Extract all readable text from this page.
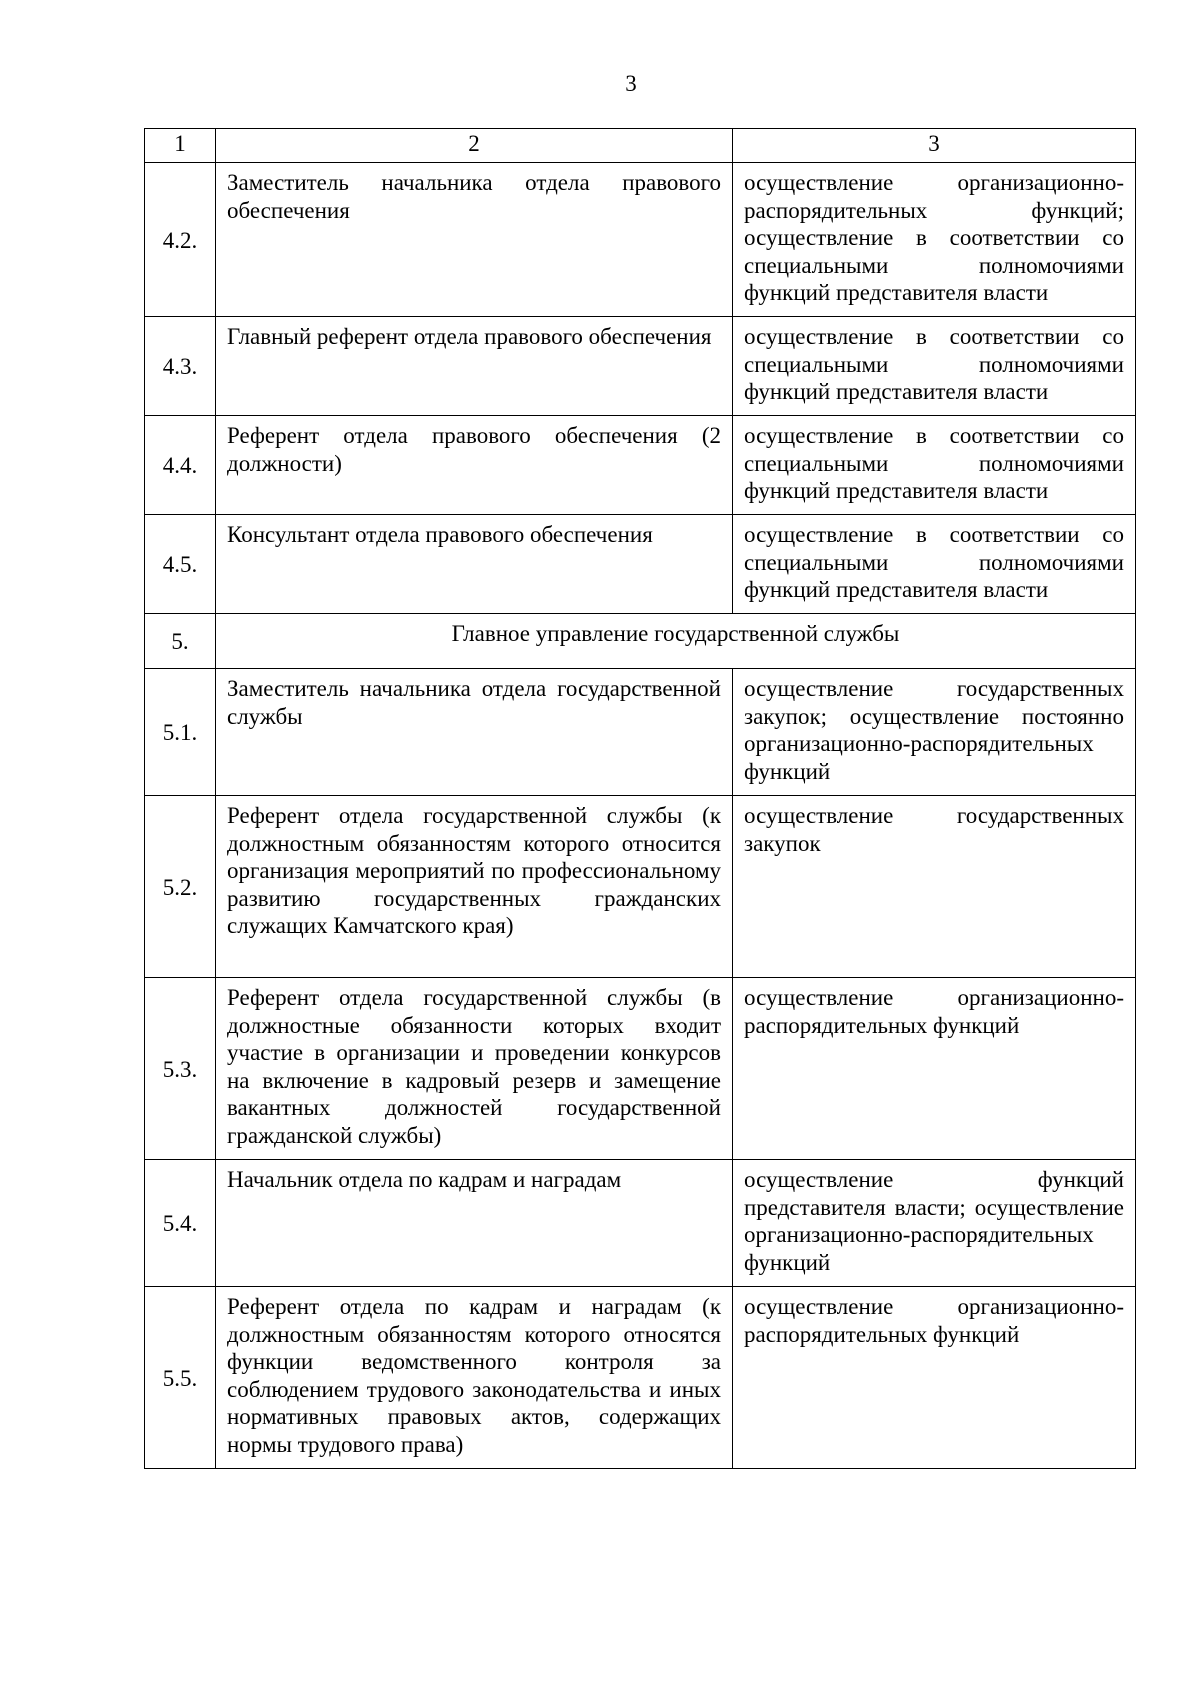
3
1	2	3
4.2.	Заместитель начальника отдела правового обеспечения	осуществление организационно-распорядительных функций; осуществление в соответствии со специальными полномочиями функций представителя власти
4.3.	Главный референт отдела правового обеспечения	осуществление в соответствии со специальными полномочиями функций представителя власти
4.4.	Референт отдела правового обеспечения (2 должности)	осуществление в соответствии со специальными полномочиями функций представителя власти
4.5.	Консультант отдела правового обеспечения	осуществление в соответствии со специальными полномочиями функций представителя власти
5.	Главное управление государственной службы	
5.1.	Заместитель начальника отдела государственной службы	осуществление государственных закупок; осуществление постоянно организационно-распорядительных функций
5.2.	Референт отдела государственной службы (к должностным обязанностям которого относится организация мероприятий по профессиональному развитию государственных гражданских служащих Камчатского края)	осуществление государственных закупок
5.3.	Референт отдела государственной службы (в должностные обязанности которых входит участие в организации и проведении конкурсов на включение в кадровый резерв и замещение вакантных должностей государственной гражданской службы)	осуществление организационно-распорядительных функций
5.4.	Начальник отдела по кадрам и наградам	осуществление функций представителя власти; осуществление организационно-распорядительных функций
5.5.	Референт отдела по кадрам и наградам (к должностным обязанностям которого относятся функции ведомственного контроля за соблюдением трудового законодательства и иных нормативных правовых актов, содержащих нормы трудового права)	осуществление организационно-распорядительных функций
